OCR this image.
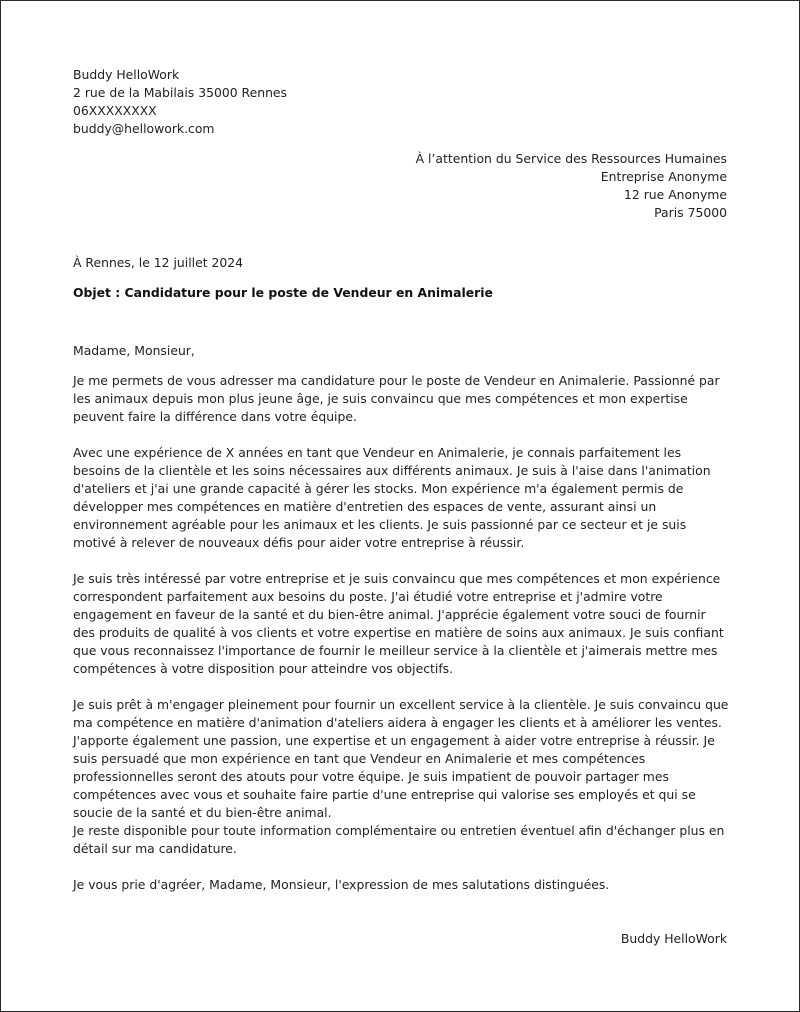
Buddy HelloWork
2 rue de la Mabilais 35000 Rennes
06XXXXXXXX
buddy@hellowork.com
À l’attention du Service des Ressources Humaines
Entreprise Anonyme
12 rue Anonyme
Paris 75000
À Rennes, le 12 juillet 2024
Objet : Candidature pour le poste de Vendeur en Animalerie
Madame, Monsieur,

Je me permets de vous adresser ma candidature pour le poste de Vendeur en Animalerie. Passionné par les animaux depuis mon plus jeune âge, je suis convaincu que mes compétences et mon expertise peuvent faire la différence dans votre équipe.

Avec une expérience de X années en tant que Vendeur en Animalerie, je connais parfaitement les besoins de la clientèle et les soins nécessaires aux différents animaux. Je suis à l'aise dans l'animation d'ateliers et j'ai une grande capacité à gérer les stocks. Mon expérience m'a également permis de développer mes compétences en matière d'entretien des espaces de vente, assurant ainsi un environnement agréable pour les animaux et les clients. Je suis passionné par ce secteur et je suis motivé à relever de nouveaux défis pour aider votre entreprise à réussir.

Je suis très intéressé par votre entreprise et je suis convaincu que mes compétences et mon expérience correspondent parfaitement aux besoins du poste. J'ai étudié votre entreprise et j'admire votre engagement en faveur de la santé et du bien-être animal. J'apprécie également votre souci de fournir des produits de qualité à vos clients et votre expertise en matière de soins aux animaux. Je suis confiant que vous reconnaissez l'importance de fournir le meilleur service à la clientèle et j'aimerais mettre mes compétences à votre disposition pour atteindre vos objectifs.

Je suis prêt à m'engager pleinement pour fournir un excellent service à la clientèle. Je suis convaincu que ma compétence en matière d'animation d'ateliers aidera à engager les clients et à améliorer les ventes. J'apporte également une passion, une expertise et un engagement à aider votre entreprise à réussir. Je suis persuadé que mon expérience en tant que Vendeur en Animalerie et mes compétences professionnelles seront des atouts pour votre équipe. Je suis impatient de pouvoir partager mes compétences avec vous et souhaite faire partie d'une entreprise qui valorise ses employés et qui se soucie de la santé et du bien-être animal.

Je reste disponible pour toute information complémentaire ou entretien éventuel afin d'échanger plus en détail sur ma candidature.

Je vous prie d'agréer, Madame, Monsieur, l'expression de mes salutations distinguées.

Buddy HelloWork
